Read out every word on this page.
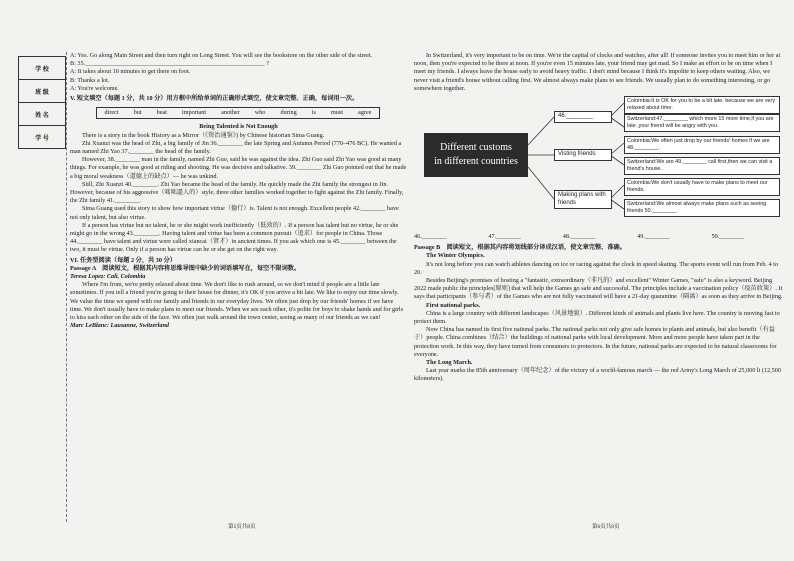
学 校
班 级
姓 名
学 号

A: Yes. Go along Main Street and then turn right on Long Street. You will see the bookstore on the other side of the street.

B: 35.__________________________________________________________ ?

A: It takes about 10 minutes to get there on foot.

B: Thanks a lot.

A: You're welcome.

V. 短文填空（每题 1 分，共 10 分）用方框中所给单词的正确形式填空，使文章完整、正确，每词用一次。

direct but beat important another who during is must agree

Being Talented is Not Enough

There is a story in the book History as a Mirror（《资治通鉴》) by Chinese historian Sima Guang.

Zhi Xuanzi was the head of Zhi, a big family of Jin 36.________ the late Spring and Autumn Period (770–476 BC). He wanted a man named Zhi Yao 37.________ the head of the family.

However, 38.________ man in the family, named Zhi Guo, said he was against the idea. Zhi Guo said Zhi Yao was good at many things. For example, he was good at riding and shooting. He was decisive and talkative. 39.________ Zhi Guo pointed out that he made a big moral weakness（道德上的缺点）— he was unkind.

Still, Zhi Xuanzi 40.________. Zhi Yao became the head of the family. He quickly made the Zhi family the strongest in Jin. However, because of his aggressive（咄咄逼人的）style, three other families worked together to fight against the Zhi family. Finally, the Zhi family 41.________.

Sima Guang used this story to show how important virtue（德行）is. Talent is not enough. Excellent people 42.________ have not only talent, but also virtue.

If a person has virtue but no talent, he or she might work inefficiently（低效的）. If a person has talent but no virtue, he or she might go in the wrong 43.________. Having talent and virtue has been a common pursuit（追求）for people in China. Those 44.________ have talent and virtue were called xiancai（贤才）in ancient times. If you ask which one is 45.________ between the two, it must be virtue. Only if a person has virtue can he or she get on the right way.

VI. 任务型阅读（每题 2 分，共 30 分）

Passage A　阅读短文，根据其内容将思维导图中缺少的词语填写在，每空不限词数。

Teresa Lopez: Cali, Colombia

Where I'm from, we're pretty relaxed about time. We don't like to rush around, so we don't mind if people are a little late sometimes. If you tell a friend you're going to their house for dinner, it's OK if you arrive a bit late. We like to enjoy our time slowly. We value the time we spend with our family and friends in our everyday lives. We often just drop by our friends' homes if we have time. We don't usually have to make plans to meet our friends. When we see each other, it's polite for boys to shake hands and for girls to kiss each other on the side of the face. We often just walk around the town center, seeing as many of our friends as we can!

Marc LeBlanc: Lausanne, Switzerland

第5页共8页

In Switzerland, it's very important to be on time. We're the capital of clocks and watches, after all! If someone invites you to meet him or her at noon, then you're expected to be there at noon. If you're even 15 minutes late, your friend may get mad. So I make an effort to be on time when I meet my friends. I always leave the house early to avoid heavy traffic. I don't mind because I think it's impolite to keep others waiting. Also, we never visit a friend's house without calling first. We almost always make plans to see friends. We usually plan to do something interesting, or go somewhere together.

Different customs
in different countries
46.________
Visting friends
Making plans with friends
Colombia:It is OK for you to be a bit late. because we are very relaxed about time.
Switzerland:47.________ which more 15 more time,if you are late ,your friend will be angry with you.
Colombia:We often just drop by our friends' homes if we are 48.________.
Switzerland:We are 49.________ call first,then we can visit a friend's house.
Colombia:We don't usually have to make plans to meet our friends.
Switzerland:We almost always make plans such as seeing friends 50.________.
46.________	47.________	48.________	49.________	50.________

Passage B　阅读短文，根据其内容将划线部分译成汉语，使文章完整、准确。

The Winter Olympics.

It's not long before you can watch athletes dancing on ice or racing against the clock in speed skating. The sports event will run from Feb. 4 to 20.

Besides Beijing's promises of hosting a "fantastic, extraordinary（非凡的）and excellent" Winter Games, "safe" is also a keyword. Beijing 2022 made public the principles[原则] that will help the Games go safe and successful. The principles include a vaccination policy（疫苗政策）. It says that participants（参与者）of the Games who are not fully vaccinated will have a 21-day quarantine（隔离）as soon as they arrive in Beijing.

First national parks.

China is a large country with different landscapes（风景地貌）. Different kinds of animals and plants live here. The country is moving fast to protect them.

Now China has named its first five national parks. The national parks not only give safe homes to plants and animals, but also benefit（有益于）people. China combines（结合）the buildings of national parks with local development. More and more people have taken part in the protection work. In this way, they have turned from consumers to protectors. In the future, national parks are expected to be natural classrooms for everyone.

The Long March.

Last year marks the 85th anniversary（周年纪念）of the victory of a world-famous march — the red Army's Long March of 25,000 li (12,500 kilometers).

第6页共8页
